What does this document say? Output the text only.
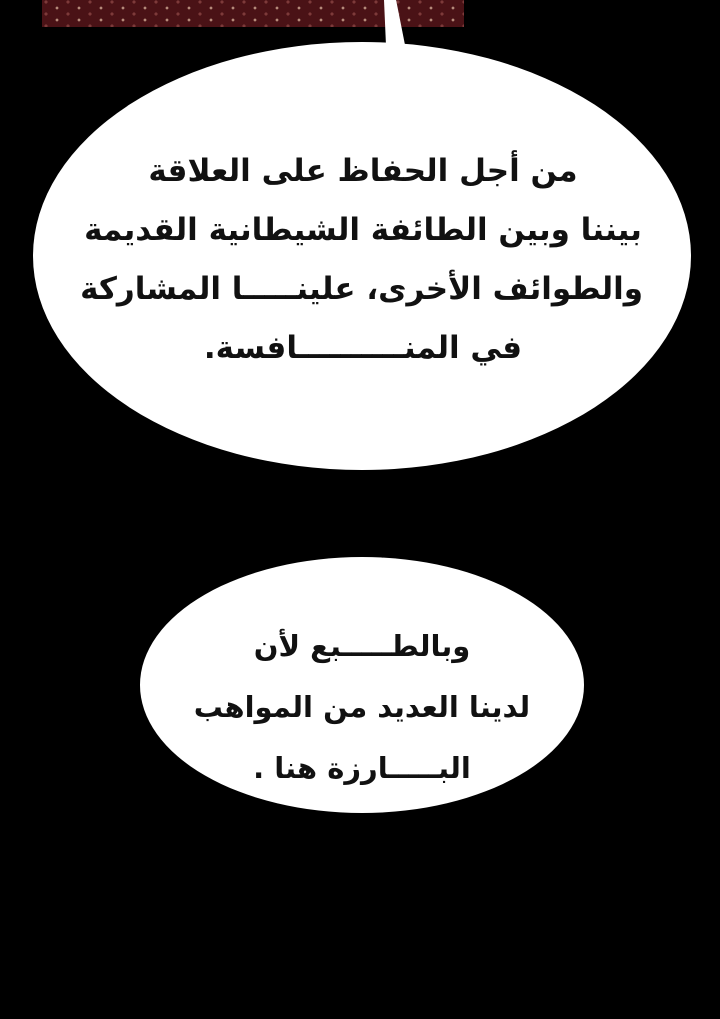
من أجل الحفاظ على العلاقة
بيننا وبين الطائفة الشيطانية القديمة
والطوائف الأخرى، علينـــــا المشاركة
في المنــــــــــافسة.

وبالطـــــبع لأن
لدينا العديد من المواهب
البـــــارزة هنا .
